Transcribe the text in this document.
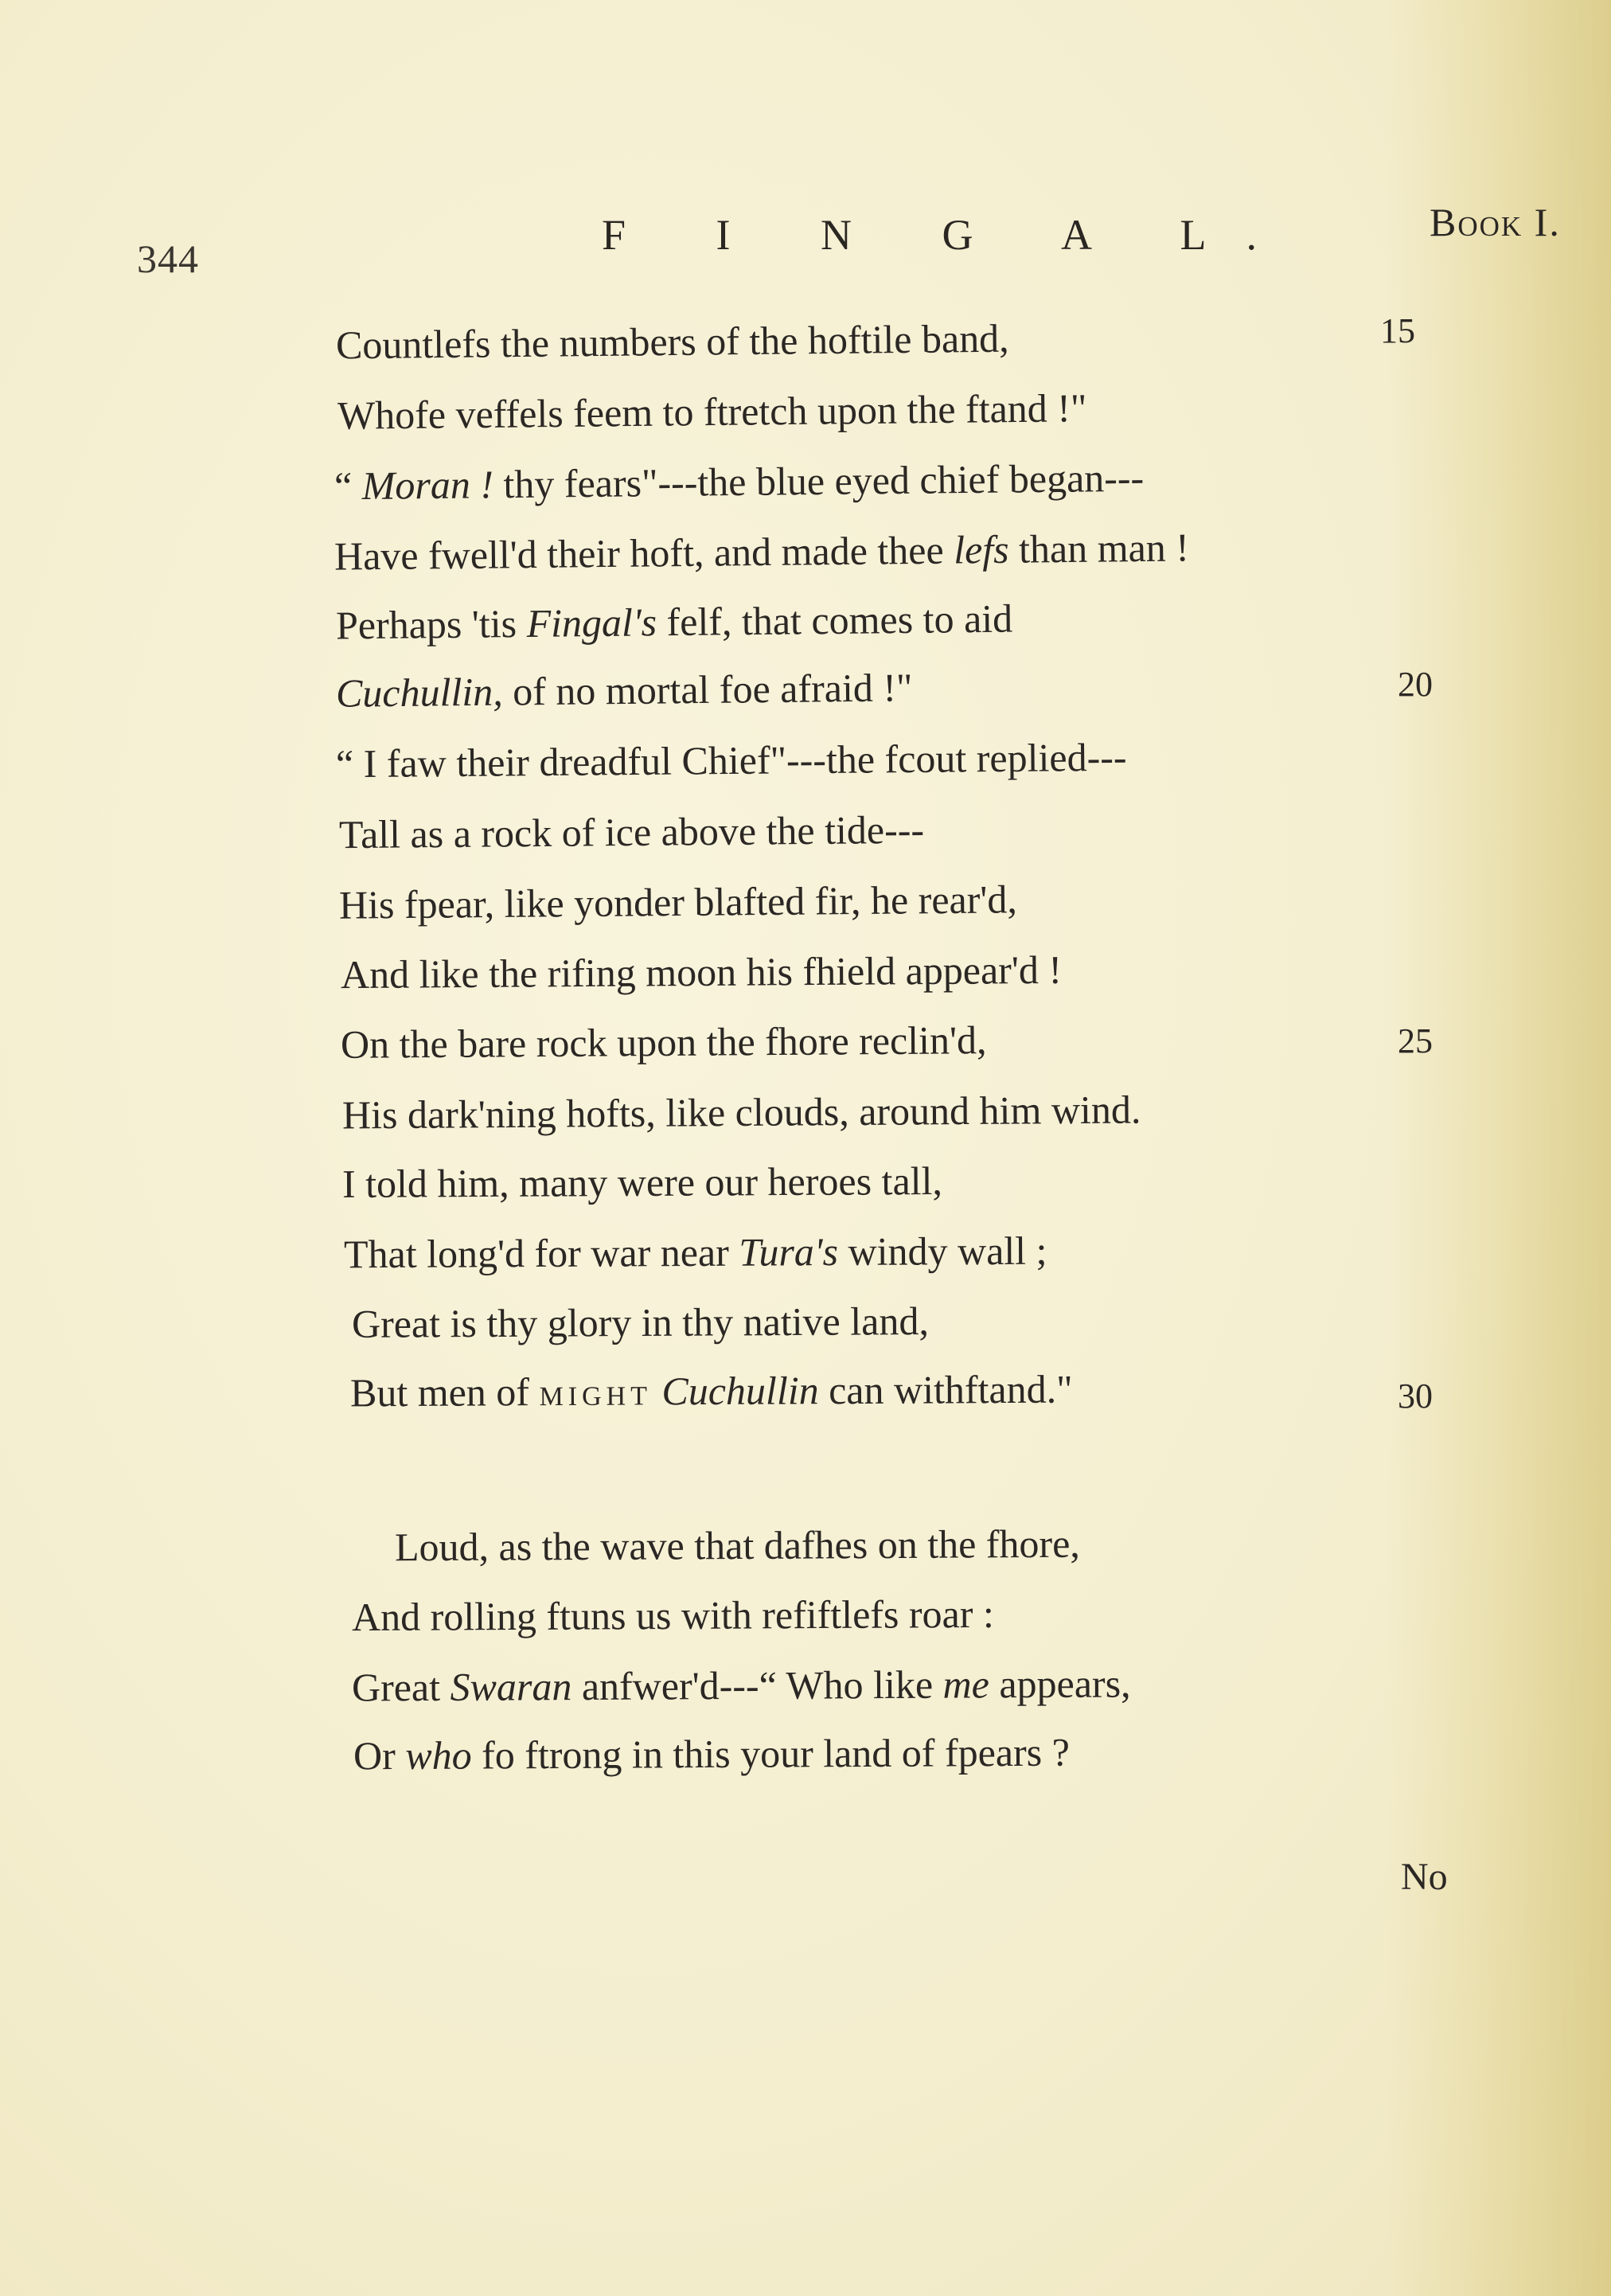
344	F I N G A L.	Book I.
Countlefs the numbers of the hoftile band,
Whofe veffels feem to ftretch upon the ftand !"
“ Moran ! thy fears"---the blue eyed chief began---
Have fwell'd their hoft, and made thee lefs than man !
Perhaps 'tis Fingal's felf, that comes to aid
Cuchullin, of no mortal foe afraid !"
“ I faw their dreadful Chief"---the fcout replied---
Tall as a rock of ice above the tide---
His fpear, like yonder blafted fir, he rear'd,
And like the rifing moon his fhield appear'd !
On the bare rock upon the fhore reclin'd,
His dark'ning hofts, like clouds, around him wind.
I told him, many were our heroes tall,
That long'd for war near Tura's windy wall ;
Great is thy glory in thy native land,
But men of MIGHT Cuchullin can withftand."
Loud, as the wave that dafhes on the fhore,
And rolling ftuns us with refiftlefs roar :
Great Swaran anfwer'd---“ Who like me appears,
Or who fo ftrong in this your land of fpears ?
15
20
25
30
No
